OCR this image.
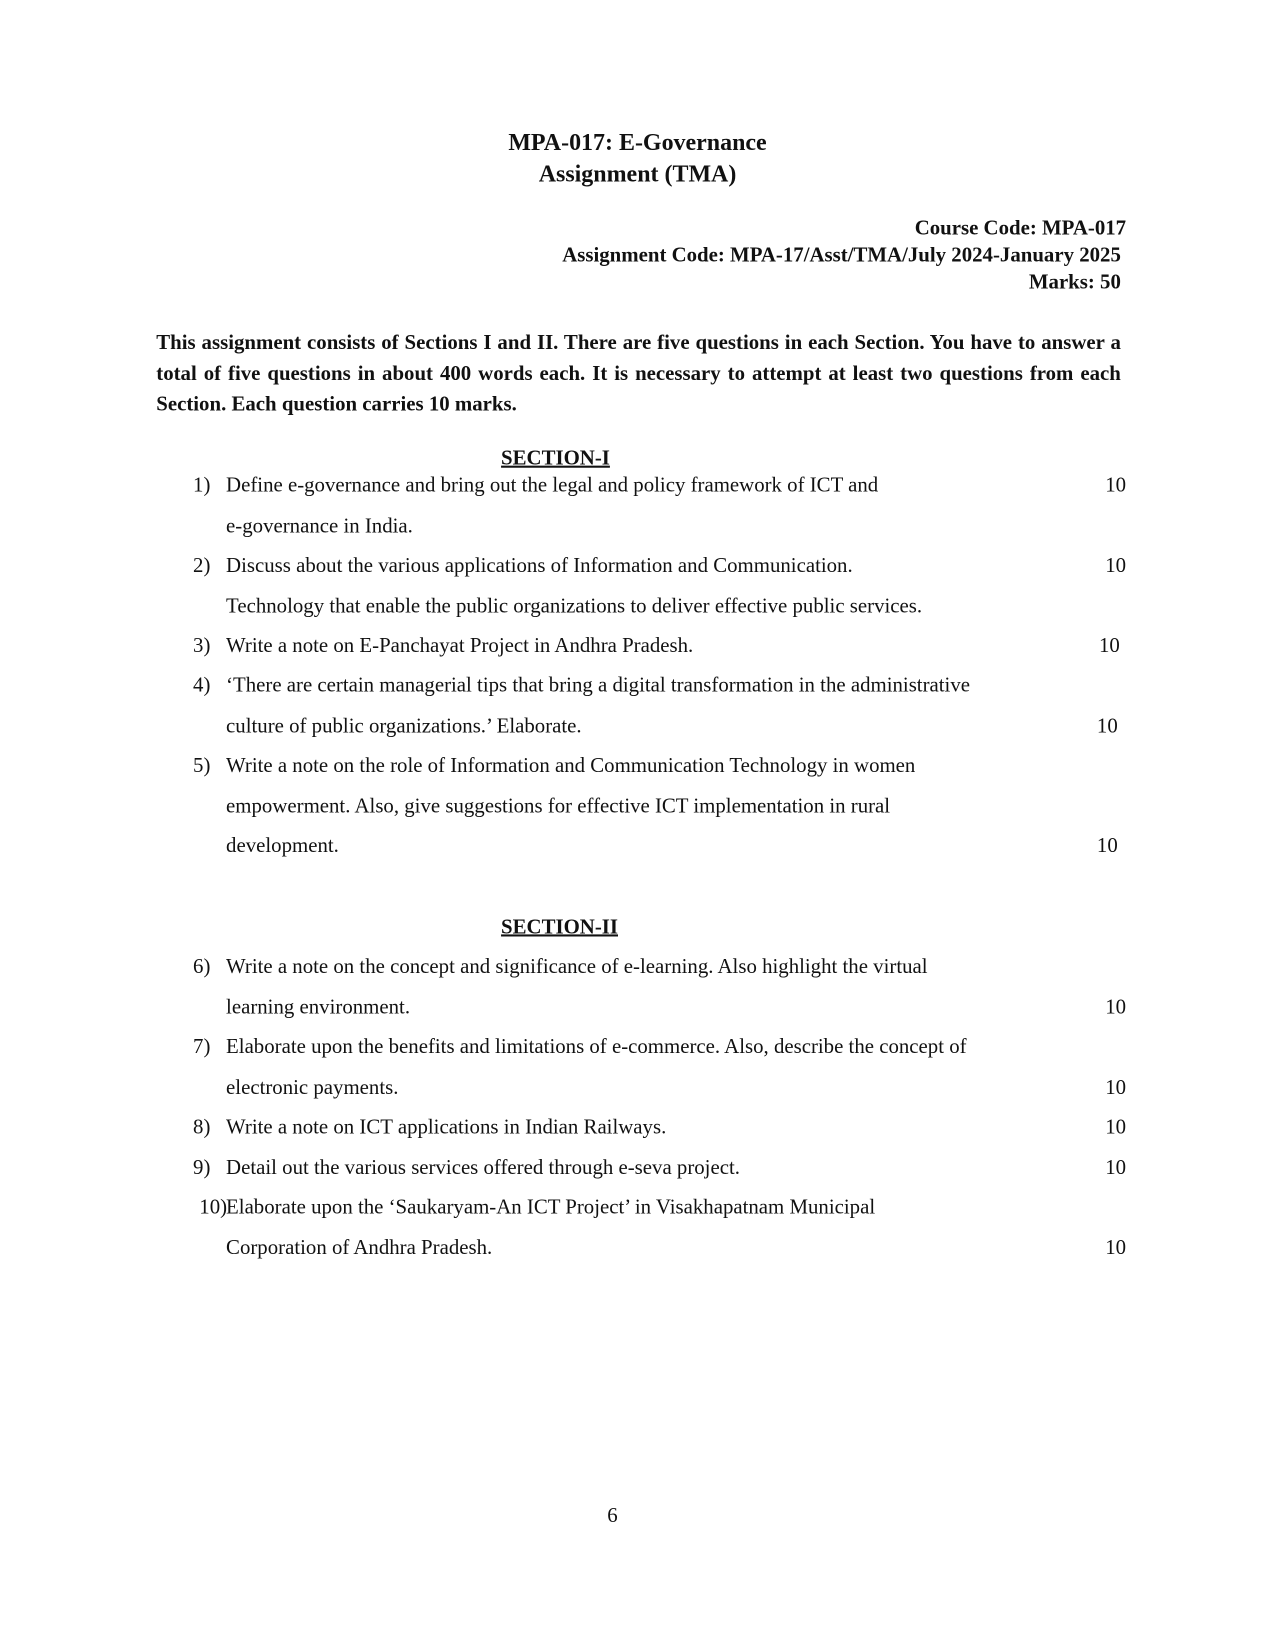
MPA-017: E-Governance
Assignment (TMA)
Course Code: MPA-017
Assignment Code: MPA-17/Asst/TMA/July 2024-January 2025
Marks: 50
This assignment consists of Sections I and II. There are five questions in each Section. You have to answer a total of five questions in about 400 words each. It is necessary to attempt at least two questions from each Section. Each question carries 10 marks.
SECTION-I
SECTION-II
1) Define e-governance and bring out the legal and policy framework of ICT and
e-governance in India.
10
2) Discuss about the various applications of Information and Communication.
Technology that enable the public organizations to deliver effective public services.
10
3) Write a note on E-Panchayat Project in Andhra Pradesh.	10
4) ‘There are certain managerial tips that bring a digital transformation in the administrative
culture of public organizations.’ Elaborate.	10
5) Write a note on the role of Information and Communication Technology in women
empowerment. Also, give suggestions for effective ICT implementation in rural
development.	10
6) Write a note on the concept and significance of e-learning. Also highlight the virtual
learning environment.	10
7) Elaborate upon the benefits and limitations of e-commerce. Also, describe the concept of
electronic payments.	10
8) Write a note on ICT applications in Indian Railways.	10
9) Detail out the various services offered through e-seva project.	10
10)
Elaborate upon the ‘Saukaryam-An ICT Project’ in Visakhapatnam Municipal
Corporation of Andhra Pradesh.	10
6
